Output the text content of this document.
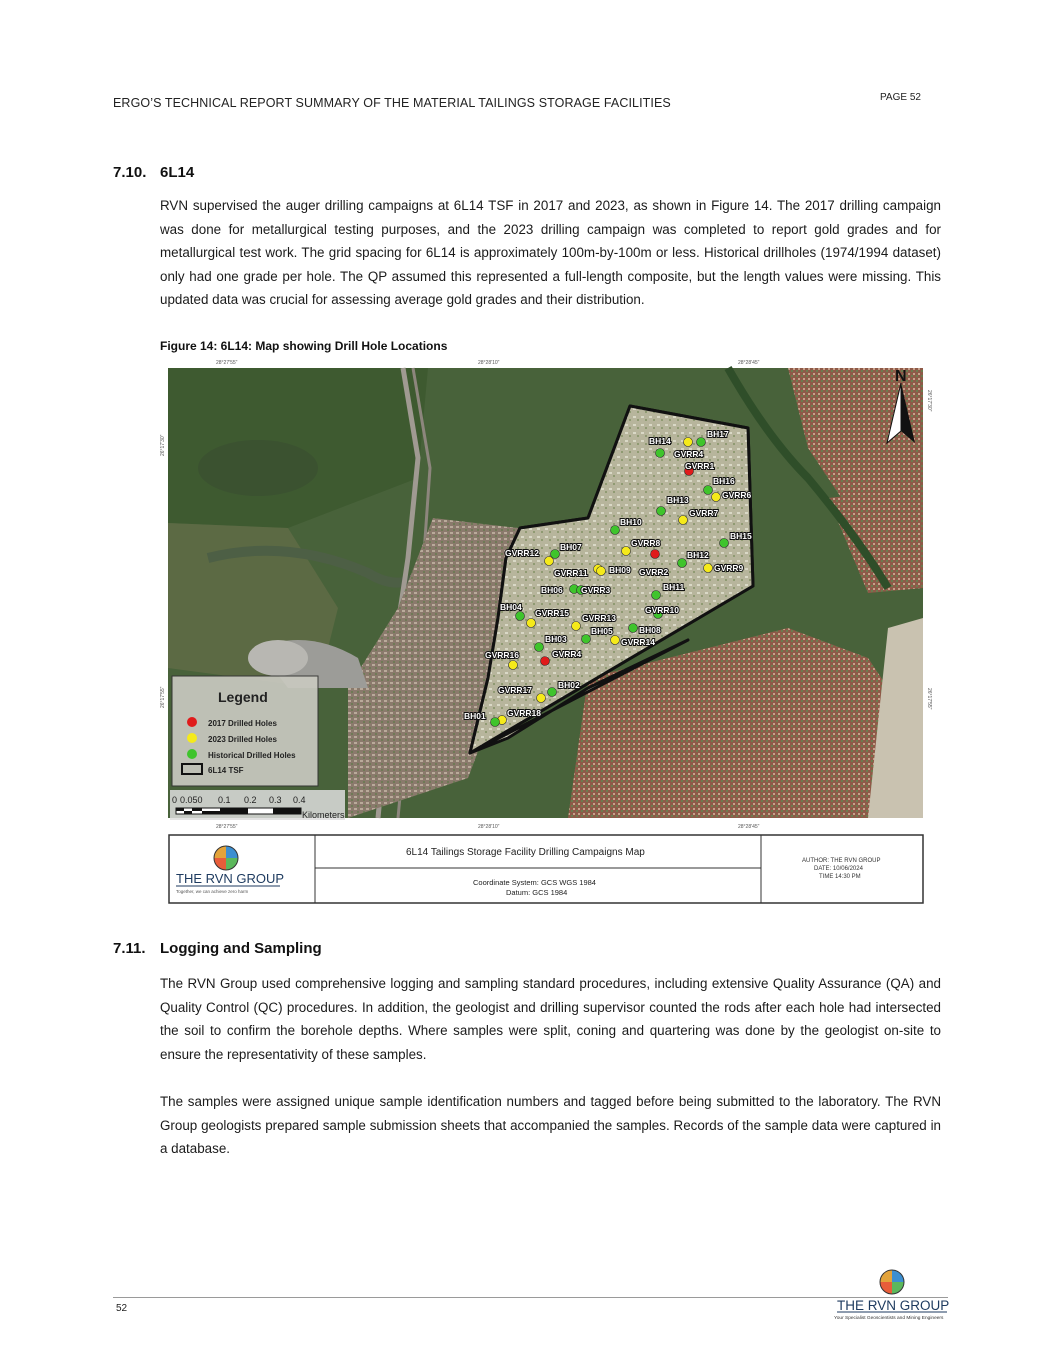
ERGO’S TECHNICAL REPORT SUMMARY OF THE MATERIAL TAILINGS STORAGE FACILITIES	PAGE 52
7.10. 6L14
RVN supervised the auger drilling campaigns at 6L14 TSF in 2017 and 2023, as shown in Figure 14. The 2017 drilling campaign was done for metallurgical testing purposes, and the 2023 drilling campaign was completed to report gold grades and for metallurgical test work. The grid spacing for 6L14 is approximately 100m-by-100m or less. Historical drillholes (1974/1994 dataset) only had one grade per hole. The QP assumed this represented a full-length composite, but the length values were missing. This updated data was crucial for assessing average gold grades and their distribution.
Figure 14: 6L14: Map showing Drill Hole Locations
28°27'55"	28°28'10"	28°28'45"
28°27'55"	28°28'10"	28°28'45"
26°17'30"
26°17'55"
26°17'30"
26°17'55"
BH14
BH17
GVRR4
GVRR1
BH16
GVRR6
BH13
GVRR7
BH10
BH15
GVRR8
BH07
GVRR12	BH12
GVRR11	BH09 GVRR2	GVRR9
BH06 GVRR3	BH11
BH04
GVRR15 GVRR13
GVRR10
BH05	BH08
BH03	GVRR14
GVRR4
GVRR16
BH02
GVRR17
GVRR18
BH01
N
Legend
2017 Drilled Holes
2023 Drilled Holes
Historical Drilled Holes
6L14 TSF
0 0.050 0.1 0.2 0.3 0.4
Kilometers
THE RVN GROUP
Together, we can achieve zero harm
6L14 Tailings Storage Facility Drilling Campaigns Map
Coordinate System: GCS WGS 1984
Datum: GCS 1984
AUTHOR: THE RVN GROUP
DATE: 10/06/2024
TIME 14:30 PM
7.11. Logging and Sampling
The RVN Group used comprehensive logging and sampling standard procedures, including extensive Quality Assurance (QA) and Quality Control (QC) procedures. In addition, the geologist and drilling supervisor counted the rods after each hole had intersected the soil to confirm the borehole depths. Where samples were split, coning and quartering was done by the geologist on-site to ensure the representativity of these samples.
The samples were assigned unique sample identification numbers and tagged before being submitted to the laboratory. The RVN Group geologists prepared sample submission sheets that accompanied the samples. Records of the sample data were captured in a database.
52	THE RVN GROUP
Your Specialist Geoscientists and Mining Engineers
